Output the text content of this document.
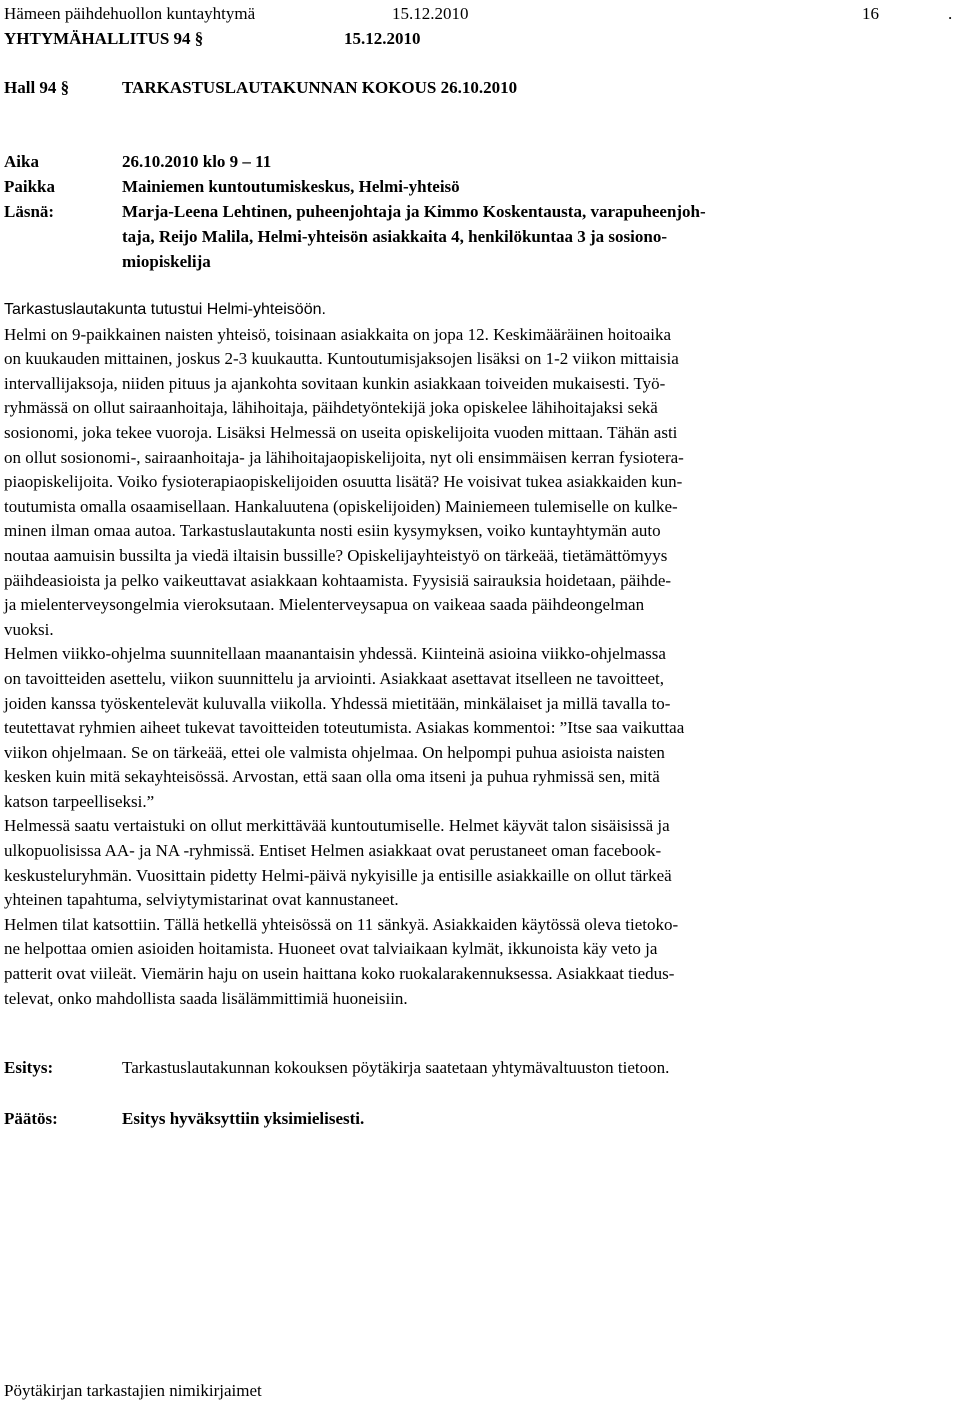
Hämeen päihdehuollon kuntayhtymä	15.12.2010	16	.
YHTYMÄHALLITUS 94 §	15.12.2010
Hall 94 §	TARKASTUSLAUTAKUNNAN KOKOUS 26.10.2010
Aika	26.10.2010 klo 9 – 11
Paikka	Mainiemen kuntoutumiskeskus, Helmi-yhteisö
Läsnä:	Marja-Leena Lehtinen, puheenjohtaja ja Kimmo Koskentausta, varapuheenjoh-
taja, Reijo Malila, Helmi-yhteisön asiakkaita 4, henkilökuntaa 3 ja sosiono-
miopiskelija
Tarkastuslautakunta tutustui Helmi-yhteisöön.
Helmi on 9-paikkainen naisten yhteisö, toisinaan asiakkaita on jopa 12. Keskimääräinen hoitoaika
on kuukauden mittainen, joskus 2-3 kuukautta. Kuntoutumisjaksojen lisäksi on 1-2 viikon mittaisia
intervallijaksoja, niiden pituus ja ajankohta sovitaan kunkin asiakkaan toiveiden mukaisesti. Työ-
ryhmässä on ollut sairaanhoitaja, lähihoitaja, päihdetyöntekijä joka opiskelee lähihoitajaksi sekä
sosionomi, joka tekee vuoroja. Lisäksi Helmessä on useita opiskelijoita vuoden mittaan. Tähän asti
on ollut sosionomi-, sairaanhoitaja- ja lähihoitajaopiskelijoita, nyt oli ensimmäisen kerran fysiotera-
piaopiskelijoita. Voiko fysioterapiaopiskelijoiden osuutta lisätä? He voisivat tukea asiakkaiden kun-
toutumista omalla osaamisellaan. Hankaluutena (opiskelijoiden) Mainiemeen tulemiselle on kulke-
minen ilman omaa autoa. Tarkastuslautakunta nosti esiin kysymyksen, voiko kuntayhtymän auto
noutaa aamuisin bussilta ja viedä iltaisin bussille? Opiskelijayhteistyö on tärkeää, tietämättömyys
päihdeasioista ja pelko vaikeuttavat asiakkaan kohtaamista. Fyysisiä sairauksia hoidetaan, päihde-
ja mielenterveysongelmia vieroksutaan. Mielenterveysapua on vaikeaa saada päihdeongelman
vuoksi.
Helmen viikko-ohjelma suunnitellaan maanantaisin yhdessä. Kiinteinä asioina viikko-ohjelmassa
on tavoitteiden asettelu, viikon suunnittelu ja arviointi. Asiakkaat asettavat itselleen ne tavoitteet,
joiden kanssa työskentelevät kuluvalla viikolla. Yhdessä mietitään, minkälaiset ja millä tavalla to-
teutettavat ryhmien aiheet tukevat tavoitteiden toteutumista. Asiakas kommentoi: ”Itse saa vaikuttaa
viikon ohjelmaan. Se on tärkeää, ettei ole valmista ohjelmaa. On helpompi puhua asioista naisten
kesken kuin mitä sekayhteisössä. Arvostan, että saan olla oma itseni ja puhua ryhmissä sen, mitä
katson tarpeelliseksi.”
Helmessä saatu vertaistuki on ollut merkittävää kuntoutumiselle. Helmet käyvät talon sisäisissä ja
ulkopuolisissa AA- ja NA -ryhmissä. Entiset Helmen asiakkaat ovat perustaneet oman facebook-
keskusteluryhmän. Vuosittain pidetty Helmi-päivä nykyisille ja entisille asiakkaille on ollut tärkeä
yhteinen tapahtuma, selviytymistarinat ovat kannustaneet.
Helmen tilat katsottiin. Tällä hetkellä yhteisössä on 11 sänkyä. Asiakkaiden käytössä oleva tietoko-
ne helpottaa omien asioiden hoitamista. Huoneet ovat talviaikaan kylmät, ikkunoista käy veto ja
patterit ovat viileät. Viemärin haju on usein haittana koko ruokalarakennuksessa. Asiakkaat tiedus-
televat, onko mahdollista saada lisälämmittimiä huoneisiin.
Esitys:	Tarkastuslautakunnan kokouksen pöytäkirja saatetaan yhtymävaltuuston tietoon.
Päätös:	Esitys hyväksyttiin yksimielisesti.
Pöytäkirjan tarkastajien nimikirjaimet
